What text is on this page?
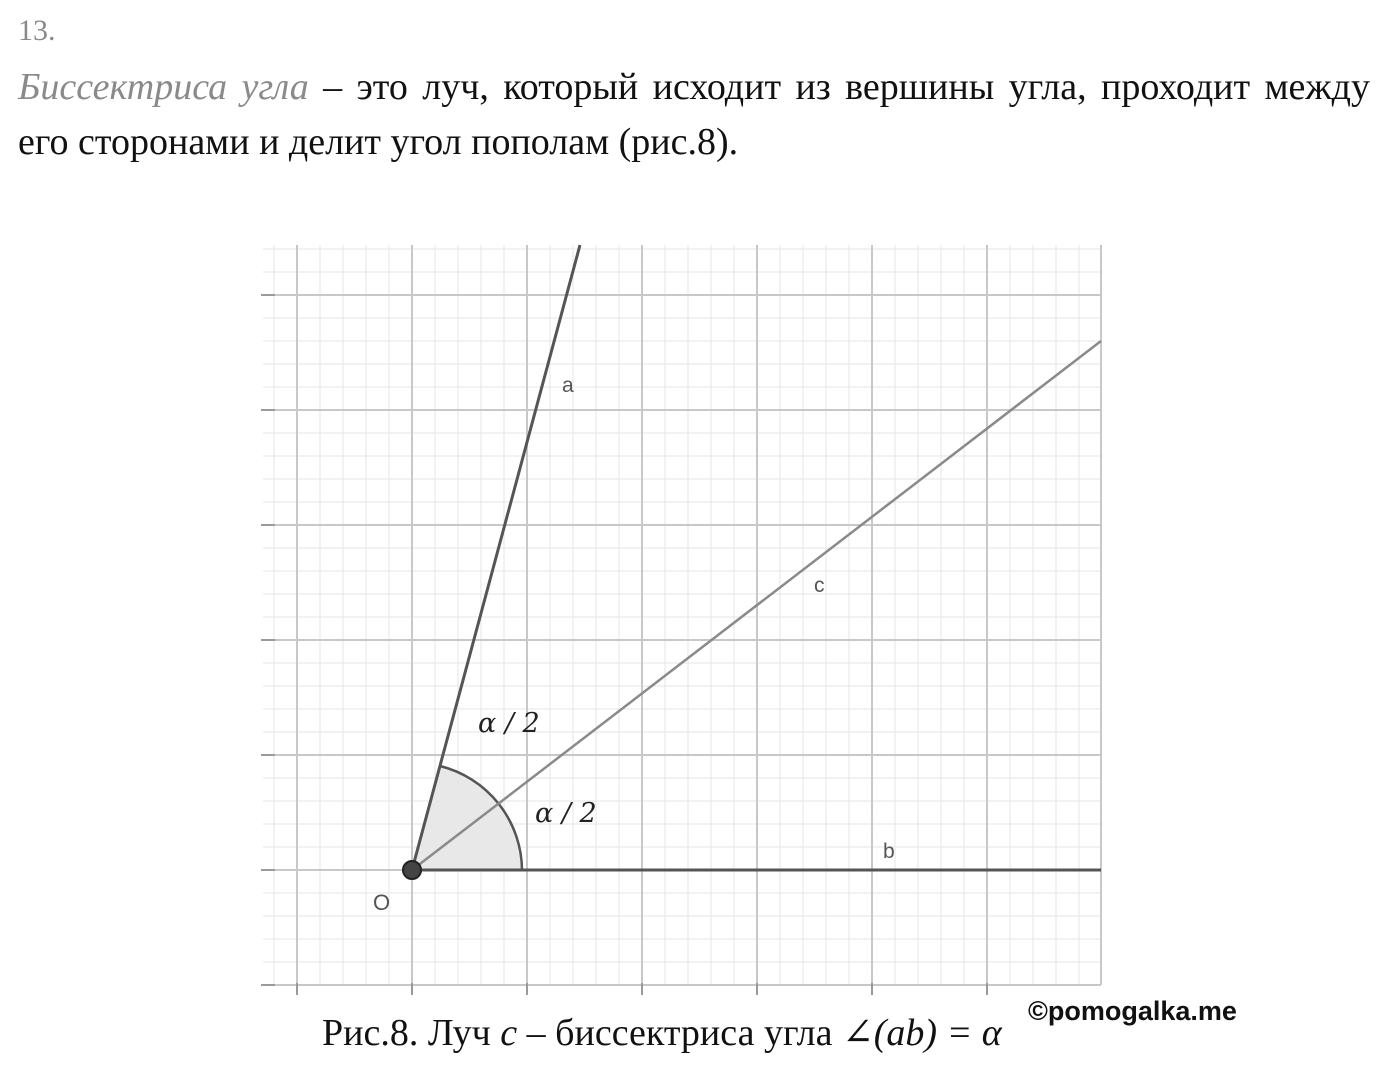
13.
Биссектриса угла – это луч, который исходит из вершины угла, проходит между его сторонами и делит угол пополам (рис.8).
a
c
b
O
α / 2
α / 2
Рис.8. Луч c – биссектриса угла ∠(ab) = α
©pomogalka.me
